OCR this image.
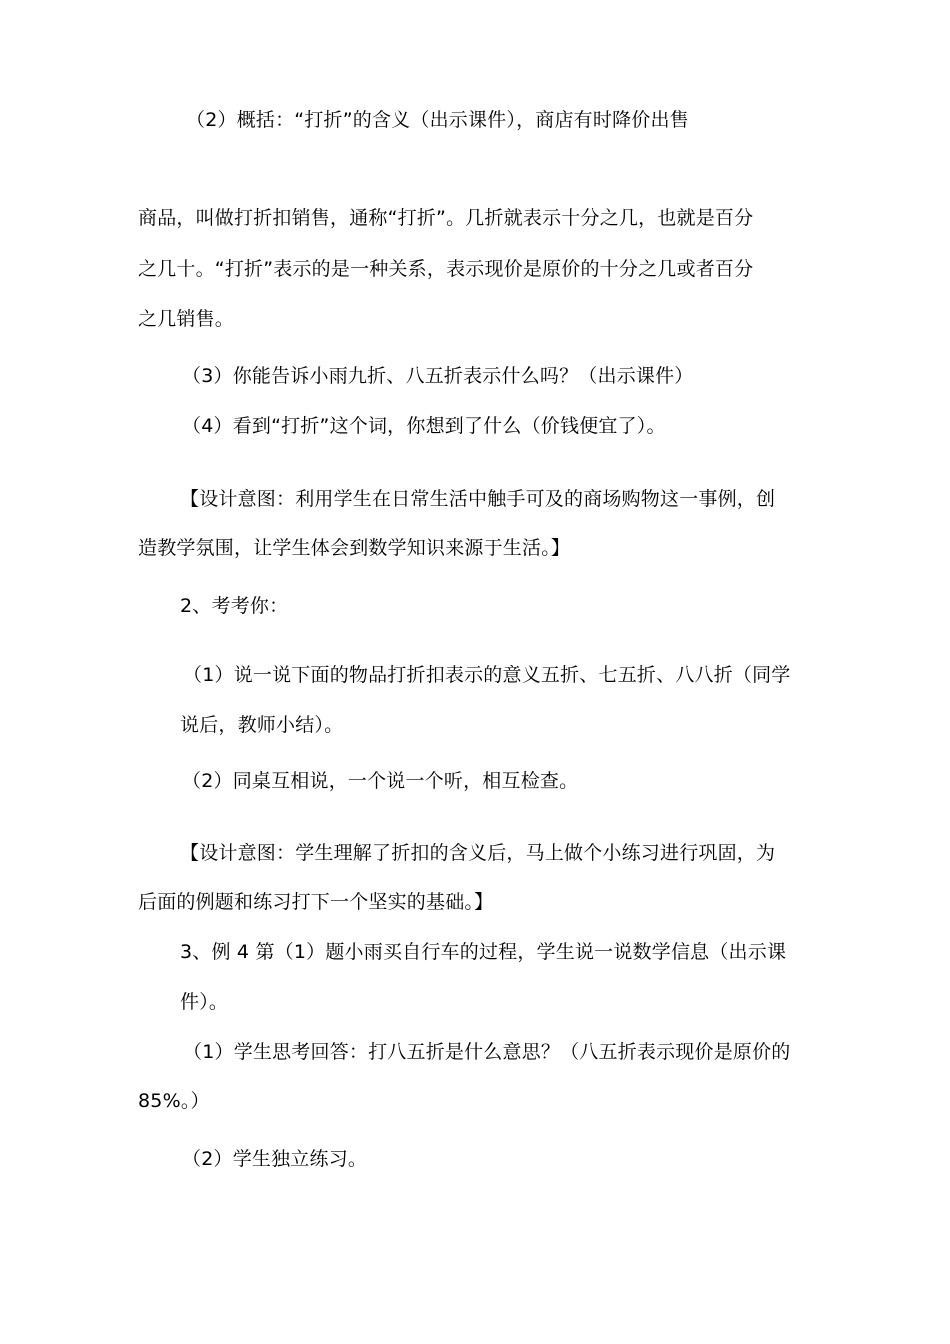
（2）概括：“打折”的含义（出示课件），商店有时降价出售
商品，叫做打折扣销售，通称“打折”。几折就表示十分之几，也就是百分
之几十。“打折”表示的是一种关系，表示现价是原价的十分之几或者百分
之几销售。
（3）你能告诉小雨九折、八五折表示什么吗？（出示课件）
（4）看到“打折”这个词，你想到了什么（价钱便宜了）。
【设计意图：利用学生在日常生活中触手可及的商场购物这一事例，创
造教学氛围，让学生体会到数学知识来源于生活。】
2、考考你：
（1）说一说下面的物品打折扣表示的意义五折、七五折、八八折（同学
说后，教师小结）。
（2）同桌互相说，一个说一个听，相互检查。
【设计意图：学生理解了折扣的含义后，马上做个小练习进行巩固，为
后面的例题和练习打下一个坚实的基础。】
3、例 4 第（1）题小雨买自行车的过程，学生说一说数学信息（出示课
件）。
（1）学生思考回答：打八五折是什么意思？（八五折表示现价是原价的
85%。）
（2）学生独立练习。
